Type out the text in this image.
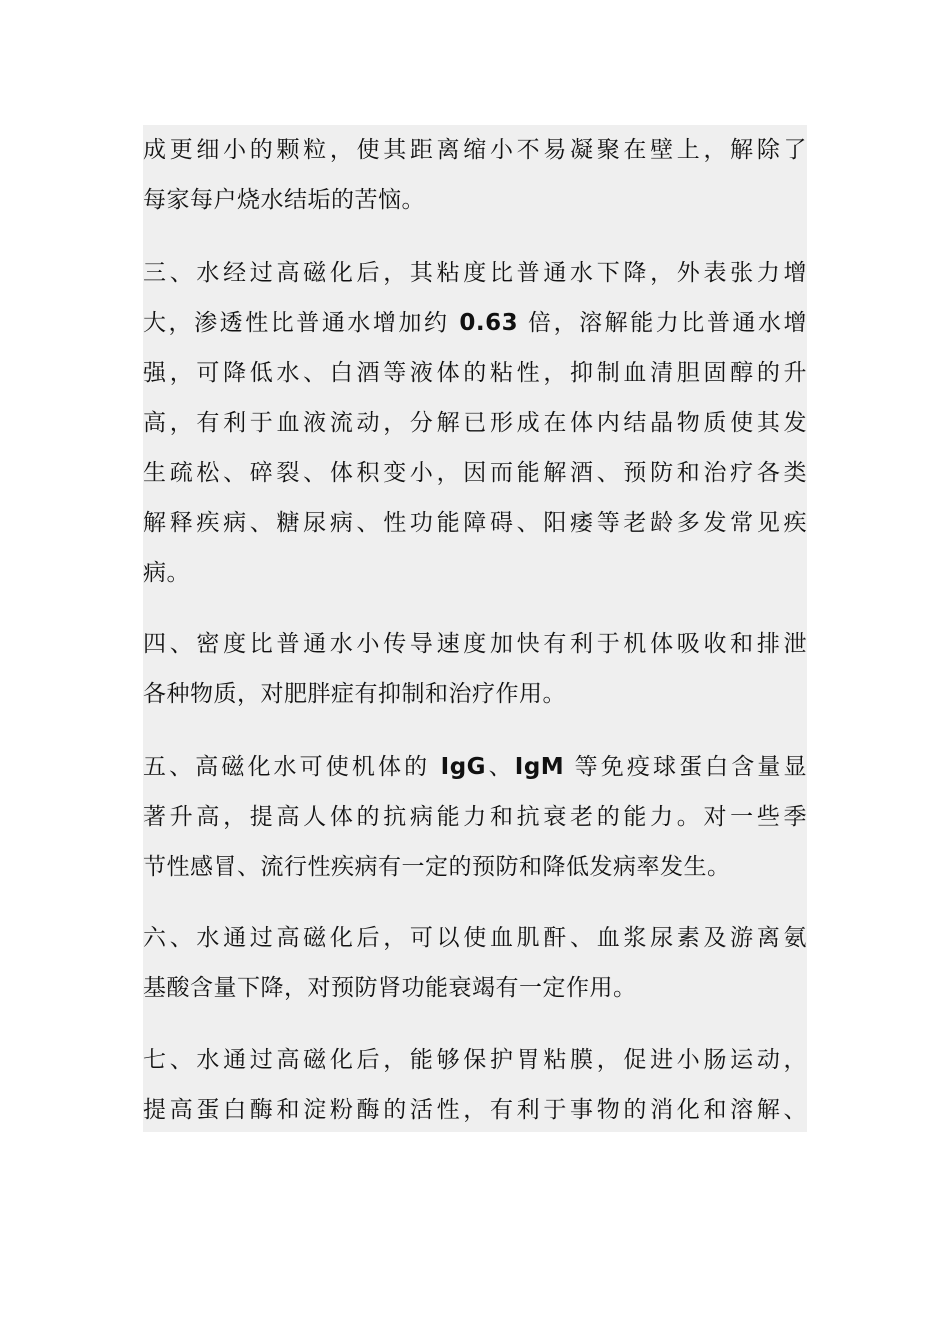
成更细小的颗粒，使其距离缩小不易凝聚在壁上，解除了
每家每户烧水结垢的苦恼。

三、水经过高磁化后，其粘度比普通水下降，外表张力增
大，渗透性比普通水增加约 0.63 倍，溶解能力比普通水增
强，可降低水、白酒等液体的粘性，抑制血清胆固醇的升
高，有利于血液流动，分解已形成在体内结晶物质使其发
生疏松、碎裂、体积变小，因而能解酒、预防和治疗各类
解释疾病、糖尿病、性功能障碍、阳痿等老龄多发常见疾
病。

四、密度比普通水小传导速度加快有利于机体吸收和排泄
各种物质，对肥胖症有抑制和治疗作用。

五、高磁化水可使机体的 IgG、IgM 等免疫球蛋白含量显
著升高，提高人体的抗病能力和抗衰老的能力。对一些季
节性感冒、流行性疾病有一定的预防和降低发病率发生。

六、水通过高磁化后，可以使血肌酐、血浆尿素及游离氨
基酸含量下降，对预防肾功能衰竭有一定作用。

七、水通过高磁化后，能够保护胃粘膜，促进小肠运动，
提高蛋白酶和淀粉酶的活性，有利于事物的消化和溶解、
